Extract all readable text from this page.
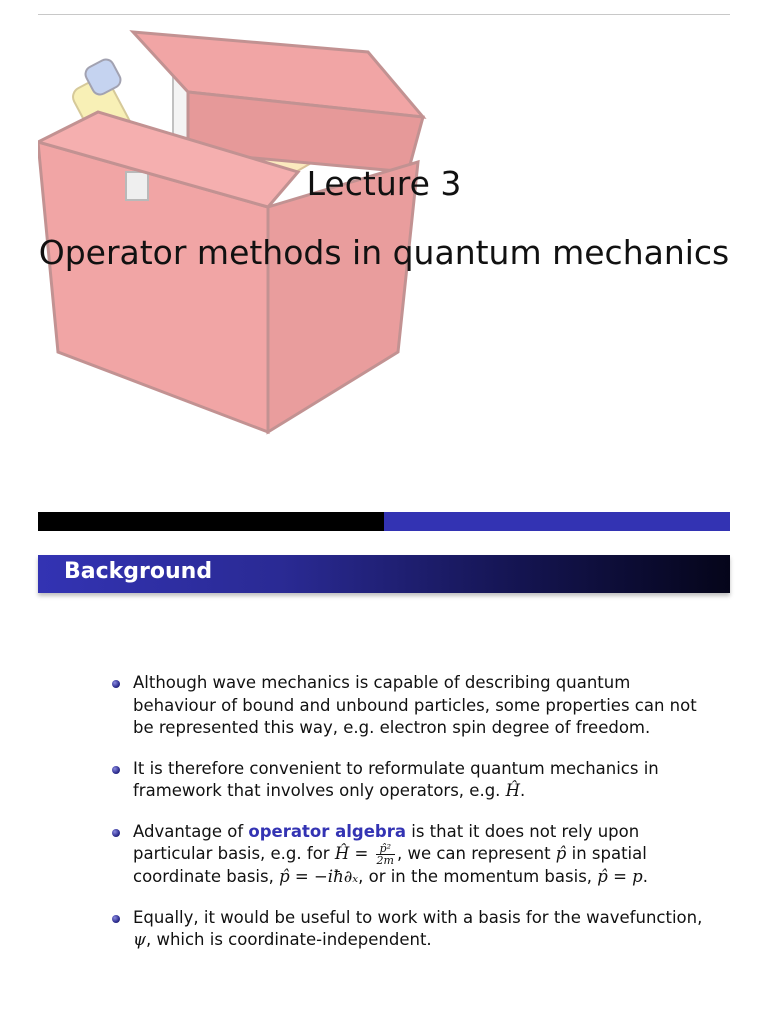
Lecture 3
Operator methods in quantum mechanics
Background
Although wave mechanics is capable of describing quantum behaviour of bound and unbound particles, some properties can not be represented this way, e.g. electron spin degree of freedom.
It is therefore convenient to reformulate quantum mechanics in framework that involves only operators, e.g. Ĥ.
Advantage of operator algebra is that it does not rely upon particular basis, e.g. for Ĥ = $\frac{\text{p̂²}}{2m}$ , we can represent p̂ in spatial coordinate basis, p̂ = −iħ∂ₓ, or in the momentum basis, p̂ = p.
Equally, it would be useful to work with a basis for the wavefunction, ψ, which is coordinate-independent.
